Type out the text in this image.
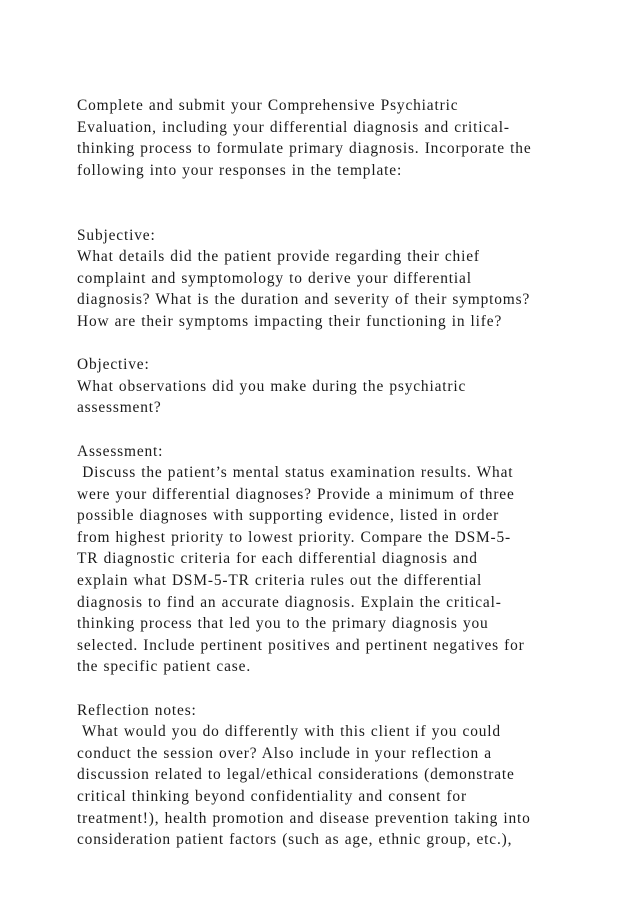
Complete and submit your Comprehensive Psychiatric
Evaluation, including your differential diagnosis and critical-
thinking process to formulate primary diagnosis. Incorporate the
following into your responses in the template:
Subjective:
What details did the patient provide regarding their chief
complaint and symptomology to derive your differential
diagnosis? What is the duration and severity of their symptoms?
How are their symptoms impacting their functioning in life?
Objective:
What observations did you make during the psychiatric
assessment?
Assessment:
Discuss the patient’s mental status examination results. What
were your differential diagnoses? Provide a minimum of three
possible diagnoses with supporting evidence, listed in order
from highest priority to lowest priority. Compare the DSM-5-
TR diagnostic criteria for each differential diagnosis and
explain what DSM-5-TR criteria rules out the differential
diagnosis to find an accurate diagnosis. Explain the critical-
thinking process that led you to the primary diagnosis you
selected. Include pertinent positives and pertinent negatives for
the specific patient case.
Reflection notes:
What would you do differently with this client if you could
conduct the session over? Also include in your reflection a
discussion related to legal/ethical considerations (demonstrate
critical thinking beyond confidentiality and consent for
treatment!), health promotion and disease prevention taking into
consideration patient factors (such as age, ethnic group, etc.),
